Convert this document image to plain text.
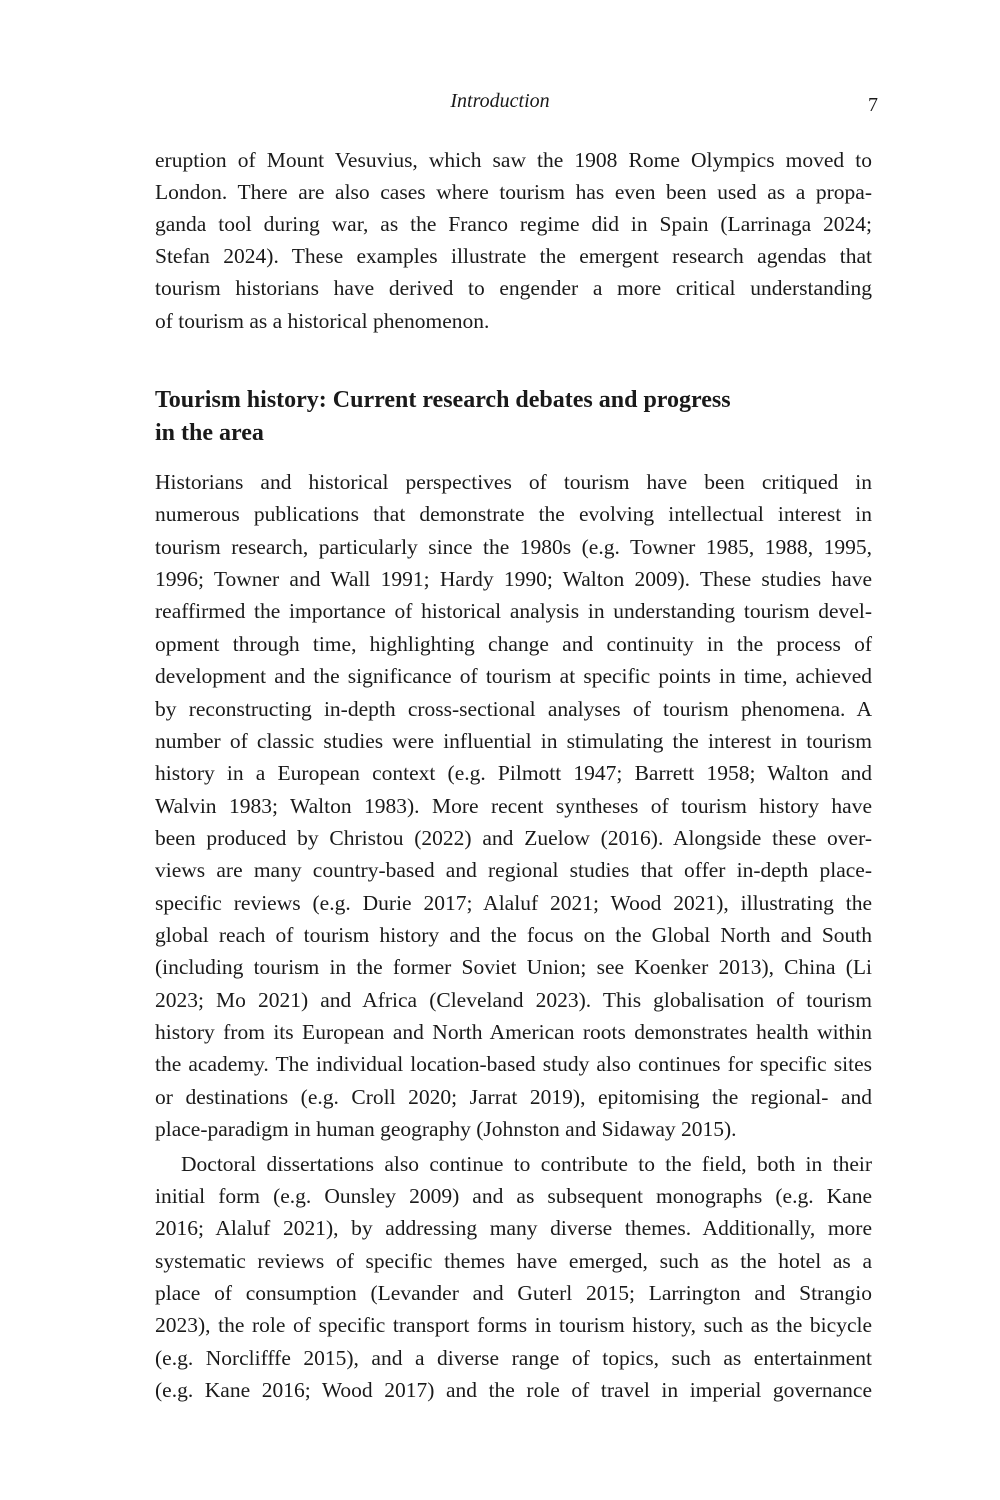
Introduction	7
eruption of Mount Vesuvius, which saw the 1908 Rome Olympics moved to
London. There are also cases where tourism has even been used as a propa-
ganda tool during war, as the Franco regime did in Spain (Larrinaga 2024;
Stefan 2024). These examples illustrate the emergent research agendas that
tourism historians have derived to engender a more critical understanding
of tourism as a historical phenomenon.
Tourism history: Current research debates and progress
in the area
Historians and historical perspectives of tourism have been critiqued in
numerous publications that demonstrate the evolving intellectual interest in
tourism research, particularly since the 1980s (e.g. Towner 1985, 1988, 1995,
1996; Towner and Wall 1991; Hardy 1990; Walton 2009). These studies have
reaffirmed the importance of historical analysis in understanding tourism devel-
opment through time, highlighting change and continuity in the process of
development and the significance of tourism at specific points in time, achieved
by reconstructing in-depth cross-sectional analyses of tourism phenomena. A
number of classic studies were influential in stimulating the interest in tourism
history in a European context (e.g. Pilmott 1947; Barrett 1958; Walton and
Walvin 1983; Walton 1983). More recent syntheses of tourism history have
been produced by Christou (2022) and Zuelow (2016). Alongside these over-
views are many country-based and regional studies that offer in-depth place-
specific reviews (e.g. Durie 2017; Alaluf 2021; Wood 2021), illustrating the
global reach of tourism history and the focus on the Global North and South
(including tourism in the former Soviet Union; see Koenker 2013), China (Li
2023; Mo 2021) and Africa (Cleveland 2023). This globalisation of tourism
history from its European and North American roots demonstrates health within
the academy. The individual location-based study also continues for specific sites
or destinations (e.g. Croll 2020; Jarrat 2019), epitomising the regional- and
place-paradigm in human geography (Johnston and Sidaway 2015).
Doctoral dissertations also continue to contribute to the field, both in their
initial form (e.g. Ounsley 2009) and as subsequent monographs (e.g. Kane
2016; Alaluf 2021), by addressing many diverse themes. Additionally, more
systematic reviews of specific themes have emerged, such as the hotel as a
place of consumption (Levander and Guterl 2015; Larrington and Strangio
2023), the role of specific transport forms in tourism history, such as the bicycle
(e.g. Norclifffe 2015), and a diverse range of topics, such as entertainment
(e.g. Kane 2016; Wood 2017) and the role of travel in imperial governance
